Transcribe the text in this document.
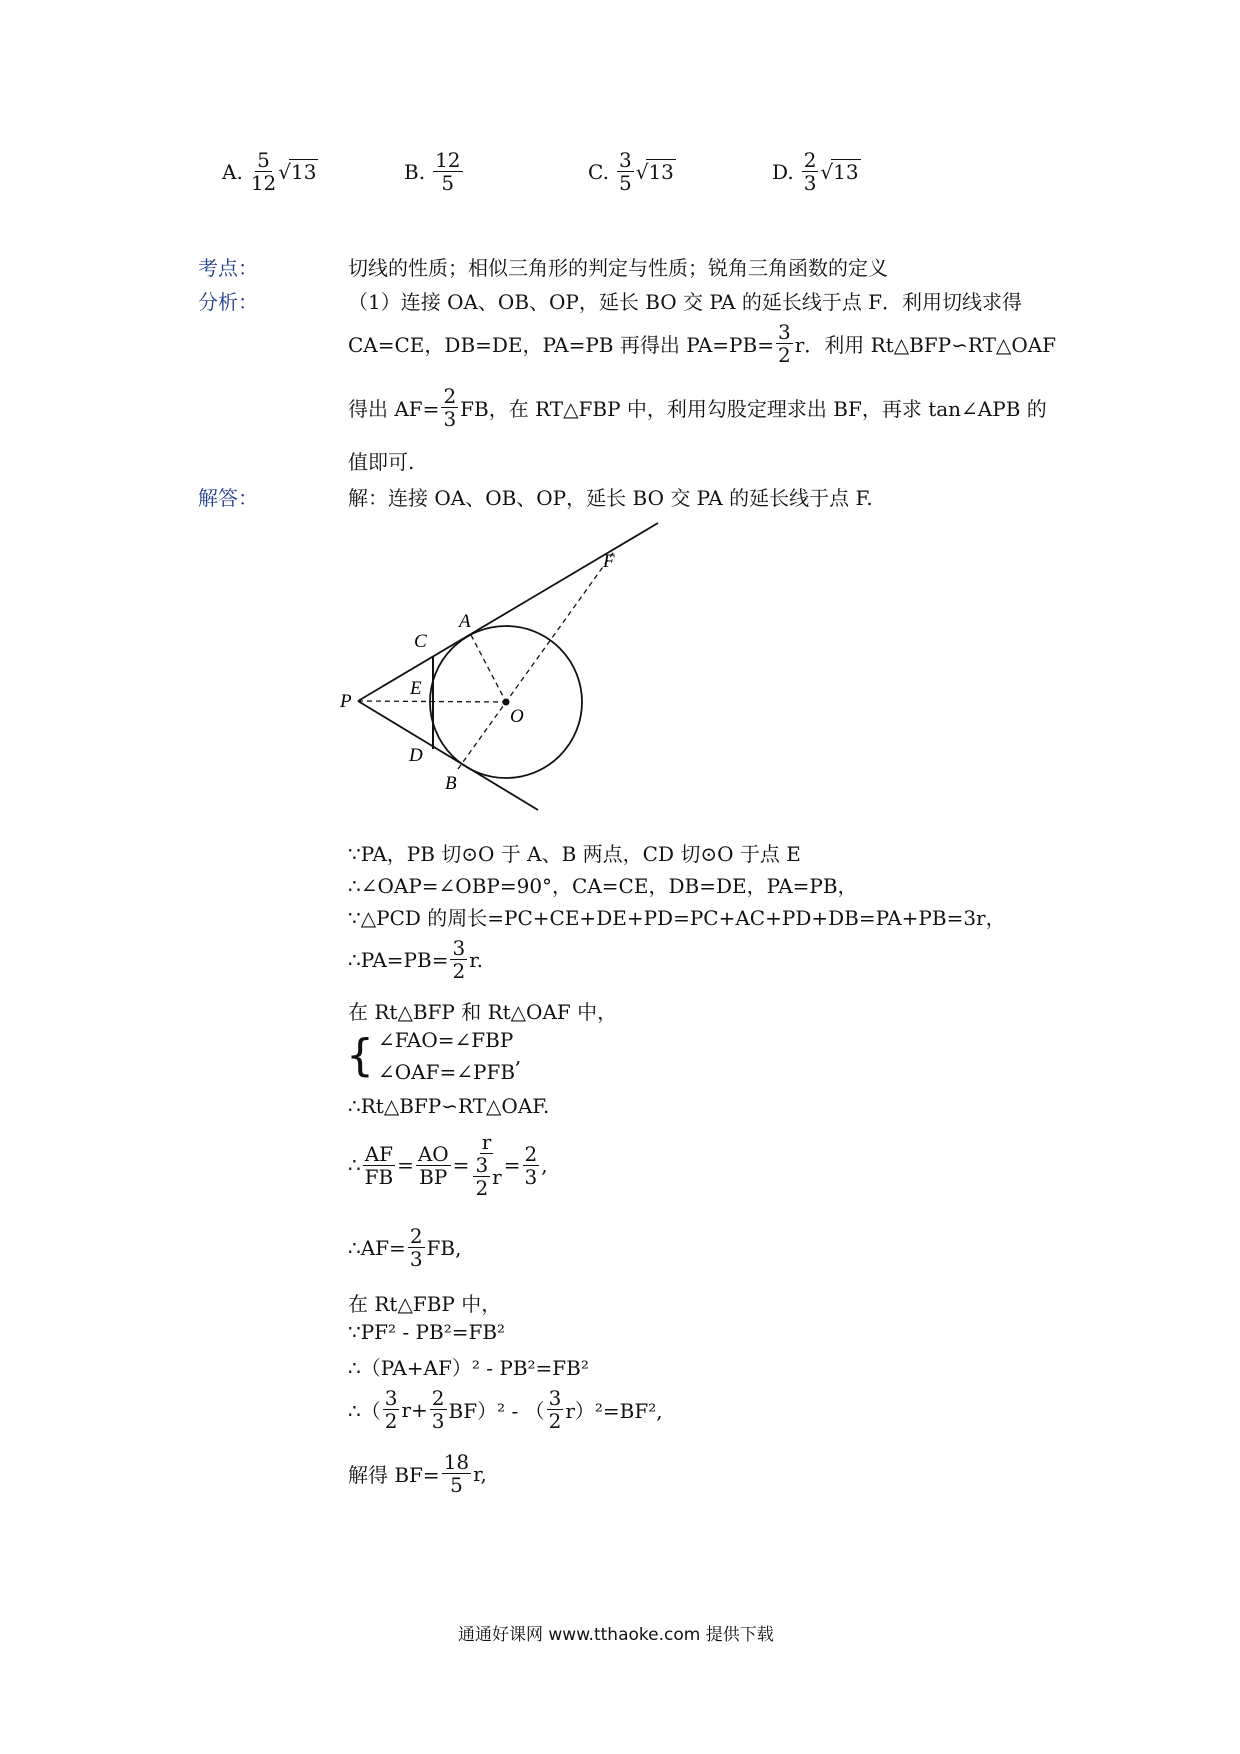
A. $\frac{5}{12} √13$	B. $\frac{12}{5}$	C. $\frac{3}{5} √13$	D. $\frac{2}{3} √13$
考点：	切线的性质；相似三角形的判定与性质；锐角三角函数的定义
分析：	（1）连接 OA、OB、OP，延长 BO 交 PA 的延长线于点 F．利用切线求得
CA=CE，DB=DE，PA=PB 再得出 $PA=PB= \frac{3}{2}$ r．利用 Rt△BFP∽RT△OAF
得出 $AF= \frac{2}{3}$ FB，在 RT△FBP 中，利用勾股定理求出 BF，再求 tan∠APB 的
值即可.
解答：	解：连接 OA、OB、OP，延长 BO 交 PA 的延长线于点 F.
F
A
C
E
P
O
D
B
∵PA，PB 切⊙O 于 A、B 两点，CD 切⊙O 于点 E
∴∠OAP=∠OBP=90°，CA=CE，DB=DE，PA=PB，
∵△PCD 的周长=PC+CE+DE+PD=PC+AC+PD+DB=PA+PB=3r，
∴PA=PB= $\frac{3}{2} r$.
在 Rt△BFP 和 Rt△OAF 中，
{ ∠FAO=∠FBP
∠OAF=∠PFB
,
∴Rt△BFP∽RT△OAF.
∴ $\frac{AF}{FB} = \frac{AO}{BP} = \frac{r}{\frac{3}{2} r} = \frac{2}{3}$ ,
∴AF= $\frac{2}{3}$ FB,
在 Rt△FBP 中，
∵PF² - PB²=FB²
∴（PA+AF）² - PB²=FB²
∴（ $\frac{3}{2} r+ \frac{2}{3} BF)^2$ - （ $\frac{3}{2} r)^2=BF^2$,
解得 $BF= \frac{18}{5} r$,
通通好课网 www.tthaoke.com 提供下载
